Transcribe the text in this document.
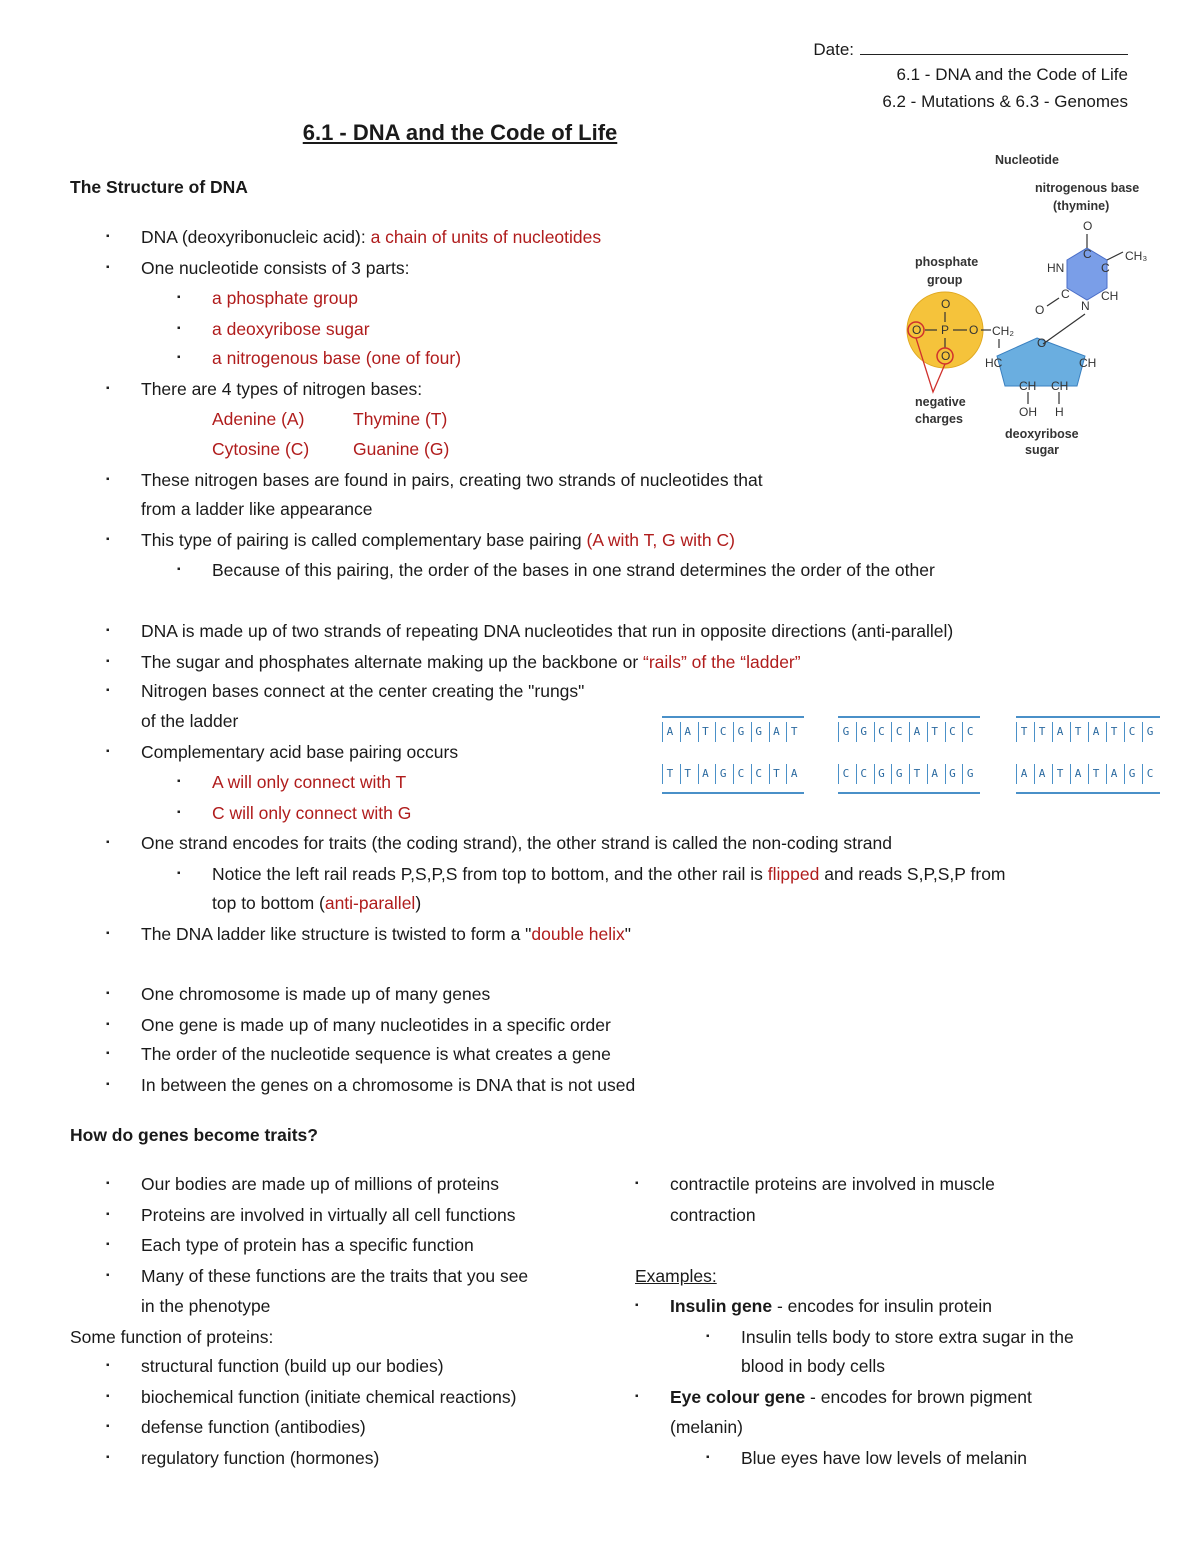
Date:
6.1 - DNA and the Code of Life
6.2 - Mutations & 6.3 - Genomes
6.1 - DNA and the Code of Life
The Structure of DNA
▪ DNA (deoxyribonucleic acid): a chain of units of nucleotides
▪ One nucleotide consists of 3 parts:
▪ a phosphate group
▪ a deoxyribose sugar
▪ a nitrogenous base (one of four)
▪ There are 4 types of nitrogen bases:
Adenine (A)	Thymine (T)
Cytosine (C)	Guanine (G)
▪ These nitrogen bases are found in pairs, creating two strands of nucleotides that
from a ladder like appearance
▪ This type of pairing is called complementary base pairing (A with T, G with C)
▪ Because of this pairing, the order of the bases in one strand determines the order of the other
▪ DNA is made up of two strands of repeating DNA nucleotides that run in opposite directions (anti-parallel)
▪ The sugar and phosphates alternate making up the backbone or “rails” of the “ladder”
▪ Nitrogen bases connect at the center creating the "rungs"
of the ladder
▪ Complementary acid base pairing occurs
▪ A will only connect with T
▪ C will only connect with G
▪ One strand encodes for traits (the coding strand), the other strand is called the non-coding strand
▪ Notice the left rail reads P,S,P,S from top to bottom, and the other rail is flipped and reads S,P,S,P from
top to bottom (anti-parallel)
▪ The DNA ladder like structure is twisted to form a "double helix"
▪ One chromosome is made up of many genes
▪ One gene is made up of many nucleotides in a specific order
▪ The order of the nucleotide sequence is what creates a gene
▪ In between the genes on a chromosome is DNA that is not used
Nucleotide
nitrogenous base
(thymine)
phosphate
group
O
O P O
O
CH₂
negative
charges
O
HC	CH
CH CH
OH H
deoxyribose
sugar
O
C	CH₃
HN	C
CH
C
O	N
A	A	T	C	G	G	A	T
T	T	A	G	C	C	T	A
G	G	C	C	A	T	C	C
C	C	G	G	T	A	G	G
T	T	A	T	A	T	C	G
A	A	T	A	T	A	G	C
How do genes become traits?
▪ Our bodies are made up of millions of proteins
▪ Proteins are involved in virtually all cell functions
▪ Each type of protein has a specific function
▪ Many of these functions are the traits that you see
in the phenotype
Some function of proteins:
▪ structural function (build up our bodies)
▪ biochemical function (initiate chemical reactions)
▪ defense function (antibodies)
▪ regulatory function (hormones)
▪ contractile proteins are involved in muscle
contraction
Examples:
▪ Insulin gene - encodes for insulin protein
▪ Insulin tells body to store extra sugar in the
blood in body cells
▪ Eye colour gene - encodes for brown pigment
(melanin)
▪ Blue eyes have low levels of melanin
